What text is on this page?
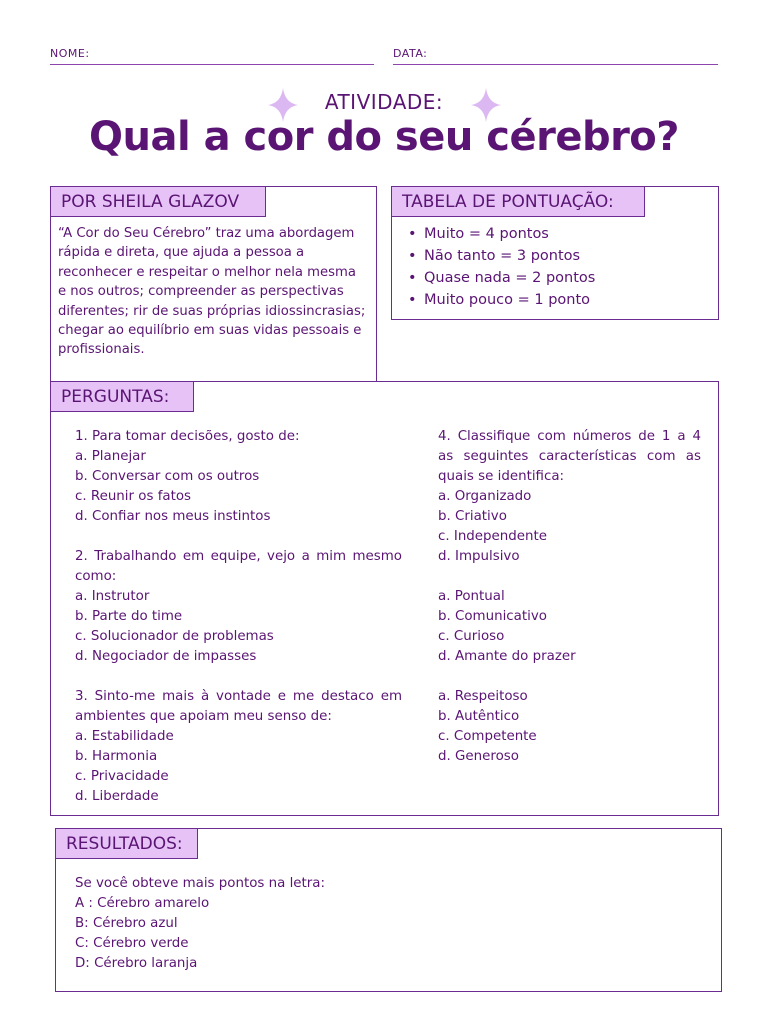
NOME:	DATA:
ATIVIDADE:
Qual a cor do seu cérebro?
POR SHEILA GLAZOV
“A Cor do Seu Cérebro” traz uma abordagem rápida e direta, que ajuda a pessoa a reconhecer e respeitar o melhor nela mesma e nos outros; compreender as perspectivas diferentes; rir de suas próprias idiossincrasias; chegar ao equilíbrio em suas vidas pessoais e profissionais.
TABELA DE PONTUAÇÃO:
• Muito = 4 pontos
• Não tanto = 3 pontos
• Quase nada = 2 pontos
• Muito pouco = 1 ponto
PERGUNTAS:

1. Para tomar decisões, gosto de:

a. Planejar

b. Conversar com os outros

c. Reunir os fatos

d. Confiar nos meus instintos

2. Trabalhando em equipe, vejo a mim mesmo como:

a. Instrutor

b. Parte do time

c. Solucionador de problemas

d. Negociador de impasses

3. Sinto-me mais à vontade e me destaco em ambientes que apoiam meu senso de:

a. Estabilidade

b. Harmonia

c. Privacidade

d. Liberdade

4. Classifique com números de 1 a 4 as seguintes características com as quais se identifica:

a. Organizado

b. Criativo

c. Independente

d. Impulsivo

a. Pontual

b. Comunicativo

c. Curioso

d. Amante do prazer

a. Respeitoso

b. Autêntico

c. Competente

d. Generoso

RESULTADOS:

Se você obteve mais pontos na letra:

A : Cérebro amarelo

B: Cérebro azul

C: Cérebro verde

D: Cérebro laranja
